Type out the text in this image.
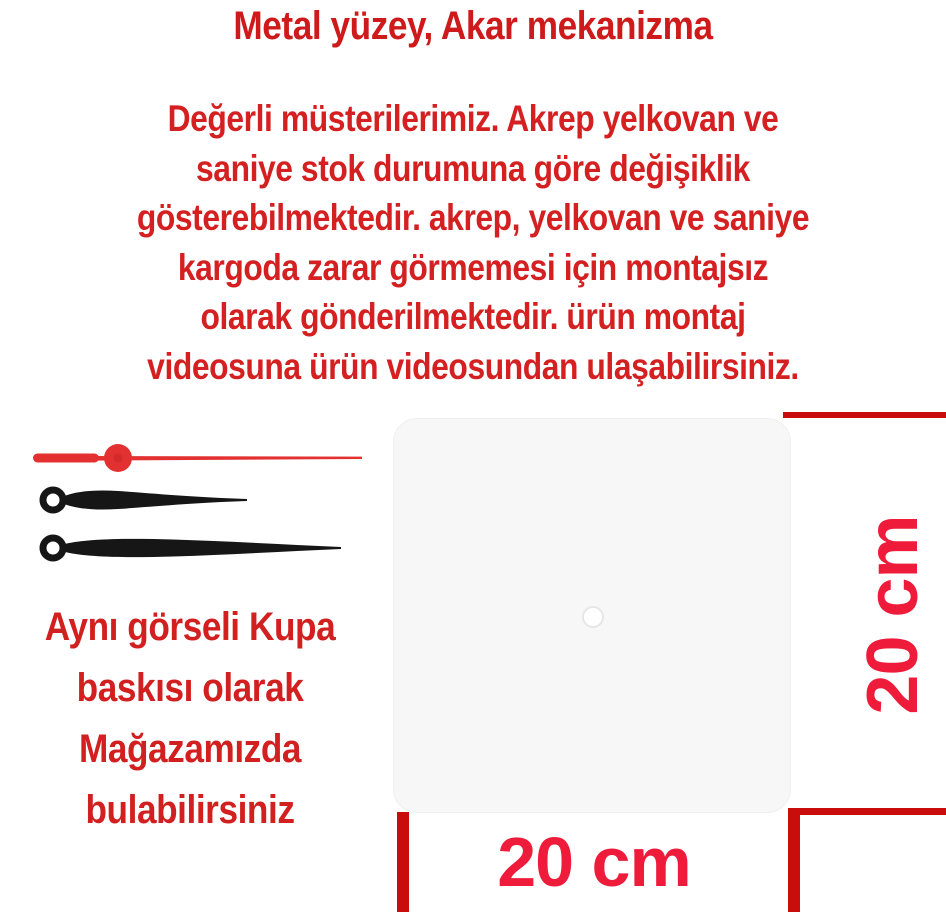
Metal yüzey, Akar mekanizma
Değerli müsterilerimiz. Akrep yelkovan ve
saniye stok durumuna göre değişiklik
gösterebilmektedir. akrep, yelkovan ve saniye
kargoda zarar görmemesi için montajsız
olarak gönderilmektedir. ürün montaj
videosuna ürün videosundan ulaşabilirsiniz.
Aynı görseli Kupa
baskısı olarak
Mağazamızda
bulabilirsiniz
20 cm
20 cm
